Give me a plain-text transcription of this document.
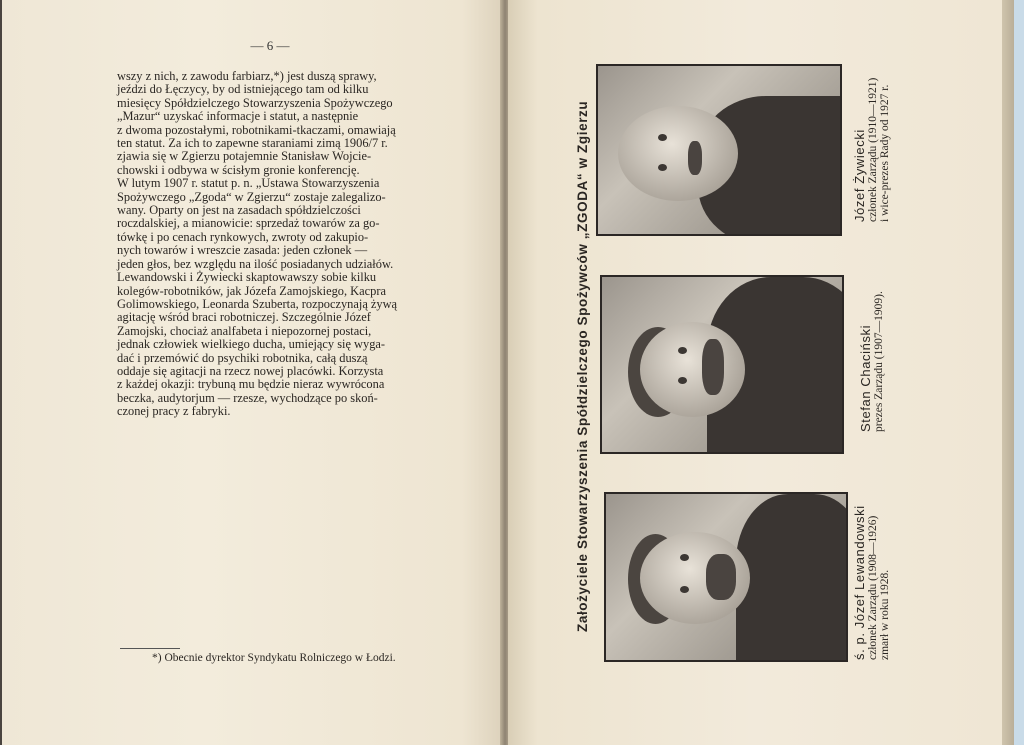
— 6 —

wszy z nich, z zawodu farbiarz,*) jest duszą sprawy,

jeździ do Łęczycy, by od istniejącego tam od kilku

miesięcy Spółdzielczego Stowarzyszenia Spożywczego

„Mazur“ uzyskać informacje i statut, a następnie

z dwoma pozostałymi, robotnikami-tkaczami, omawiają

ten statut. Za ich to zapewne staraniami zimą 1906/7 r.

zjawia się w Zgierzu potajemnie Stanisław Wojcie-

chowski i odbywa w ścisłym gronie konferencję.

W lutym 1907 r. statut p. n. „Ustawa Stowarzyszenia

Spożywczego „Zgoda“ w Zgierzu“ zostaje zalegalizo-

wany. Oparty on jest na zasadach spółdzielczości

roczdalskiej, a mianowicie: sprzedaż towarów za go-

tówkę i po cenach rynkowych, zwroty od zakupio-

nych towarów i wreszcie zasada: jeden członek —

jeden głos, bez względu na ilość posiadanych udziałów.

Lewandowski i Żywiecki skaptowawszy sobie kilku

kolegów-robotników, jak Józefa Zamojskiego, Kacpra

Golimowskiego, Leonarda Szuberta, rozpoczynają żywą

agitację wśród braci robotniczej. Szczególnie Józef

Zamojski, chociaż analfabeta i niepozornej postaci,

jednak człowiek wielkiego ducha, umiejący się wyga-

dać i przemówić do psychiki robotnika, całą duszą

oddaje się agitacji na rzecz nowej placówki. Korzysta

z każdej okazji: trybuną mu będzie nieraz wywrócona

beczka, audytorjum — rzesze, wychodzące po skoń-

czonej pracy z fabryki.

*) Obecnie dyrektor Syndykatu Rolniczego w Łodzi.
Założyciele Stowarzyszenia Spółdzielczego Spożywców „ZGODA“ w Zgierzu	ś. p. Józef Lewandowski członek Zarządu (1908—1926) zmarł w roku 1928.
Stefan Chaciński prezes Zarządu (1907—1909).
Józef Żywiecki członek Zarządu (1910—1921) i wice-prezes Rady od 1927 r.
